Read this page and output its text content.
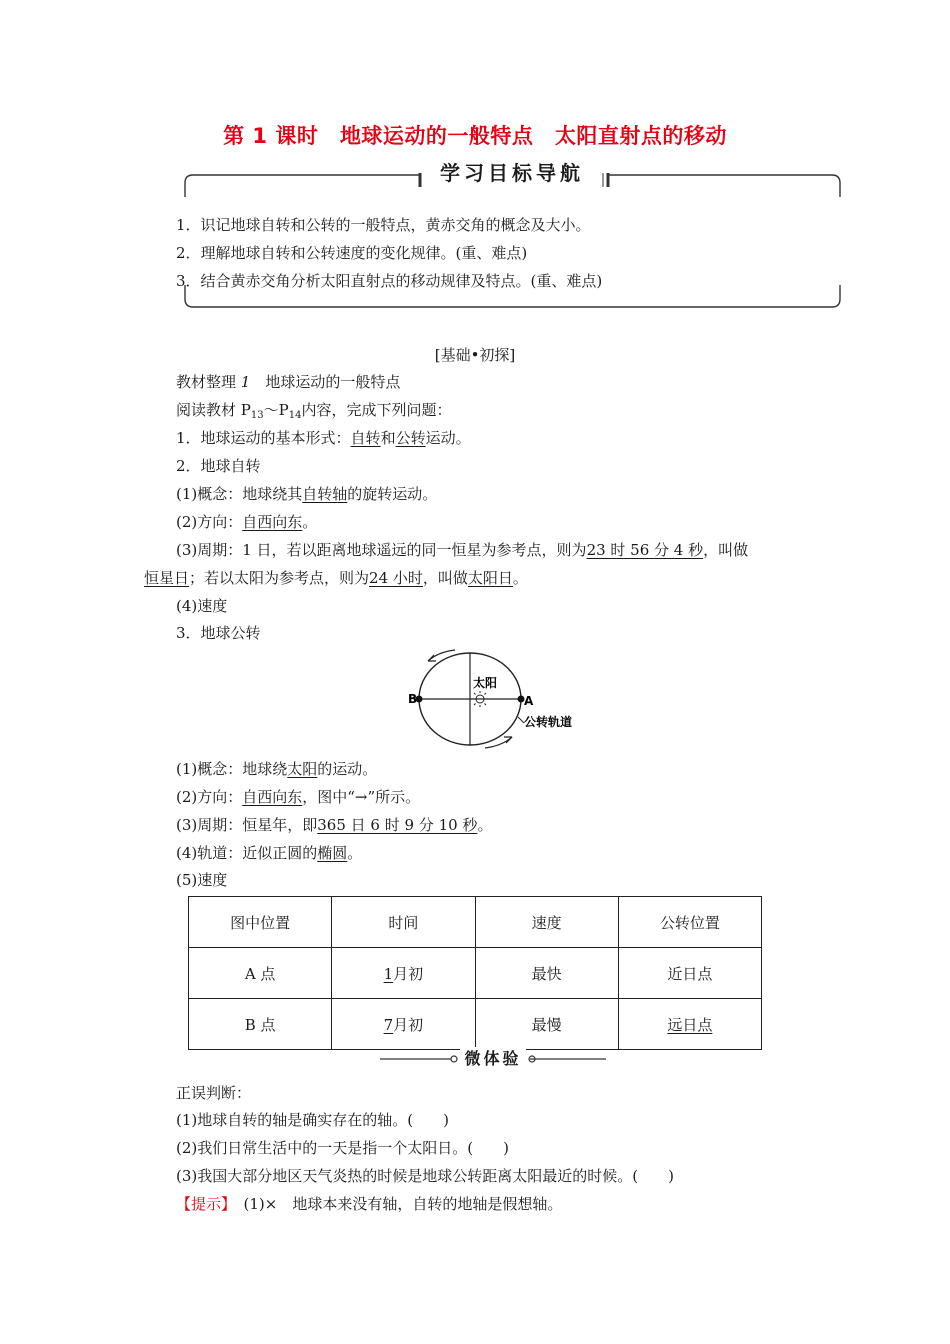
第 1 课时　地球运动的一般特点　太阳直射点的移动
学习目标导航
1．识记地球自转和公转的一般特点，黄赤交角的概念及大小。
2．理解地球自转和公转速度的变化规律。(重、难点)
3．结合黄赤交角分析太阳直射点的移动规律及特点。(重、难点)
[基础•初探]
教材整理 1　地球运动的一般特点
阅读教材 $P_{13}\sim P_{14}$内容，完成下列问题：
1．地球运动的基本形式：自转和公转运动。
2．地球自转
(1)概念：地球绕其自转轴的旋转运动。
(2)方向：自西向东。
(3)周期：1 日，若以距离地球遥远的同一恒星为参考点，则为23 时 56 分 4 秒，叫做
恒星日；若以太阳为参考点，则为24 小时，叫做太阳日。
(4)速度
3．地球公转
太阳
B	A
公转轨道
(1)概念：地球绕太阳的运动。
(2)方向：自西向东，图中“→”所示。
(3)周期：恒星年，即365 日 6 时 9 分 10 秒。
(4)轨道：近似正圆的椭圆。
(5)速度
图中位置	时间	速度	公转位置
A 点	1月初	最快	近日点
B 点	7月初	最慢	远日点
微体验
正误判断：
(1)地球自转的轴是确实存在的轴。(　　)
(2)我们日常生活中的一天是指一个太阳日。(　　)
(3)我国大部分地区天气炎热的时候是地球公转距离太阳最近的时候。(　　)
【提示】　(1)×　地球本来没有轴，自转的地轴是假想轴。
